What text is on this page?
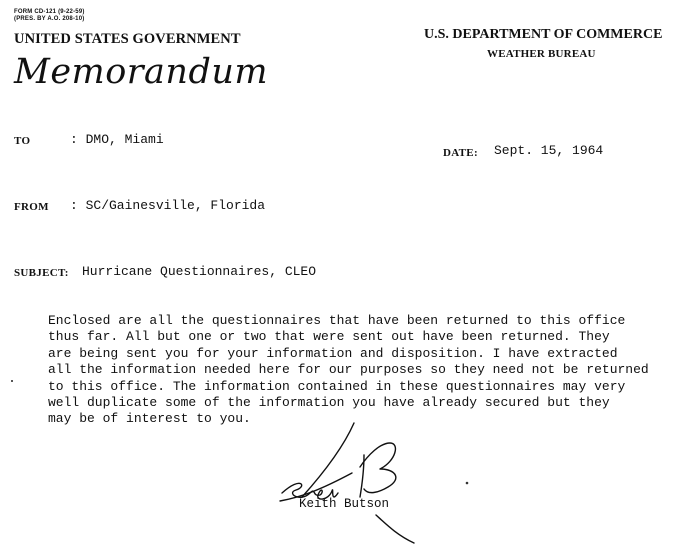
FORM CD-121 (9-22-59)
(PRES. BY A.O. 208-10)
UNITED STATES GOVERNMENT	U.S. DEPARTMENT OF COMMERCE
WEATHER BUREAU
Memorandum
TO	: DMO, Miami
DATE: Sept. 15, 1964
FROM : SC/Gainesville, Florida
SUBJECT: Hurricane Questionnaires, CLEO

Enclosed are all the questionnaires that have been returned to this office

thus far. All but one or two that were sent out have been returned. They

are being sent you for your information and disposition. I have extracted

all the information needed here for our purposes so they need not be returned

to this office. The information contained in these questionnaires may very

well duplicate some of the information you have already secured but they

may be of interest to you.

Keith Butson
